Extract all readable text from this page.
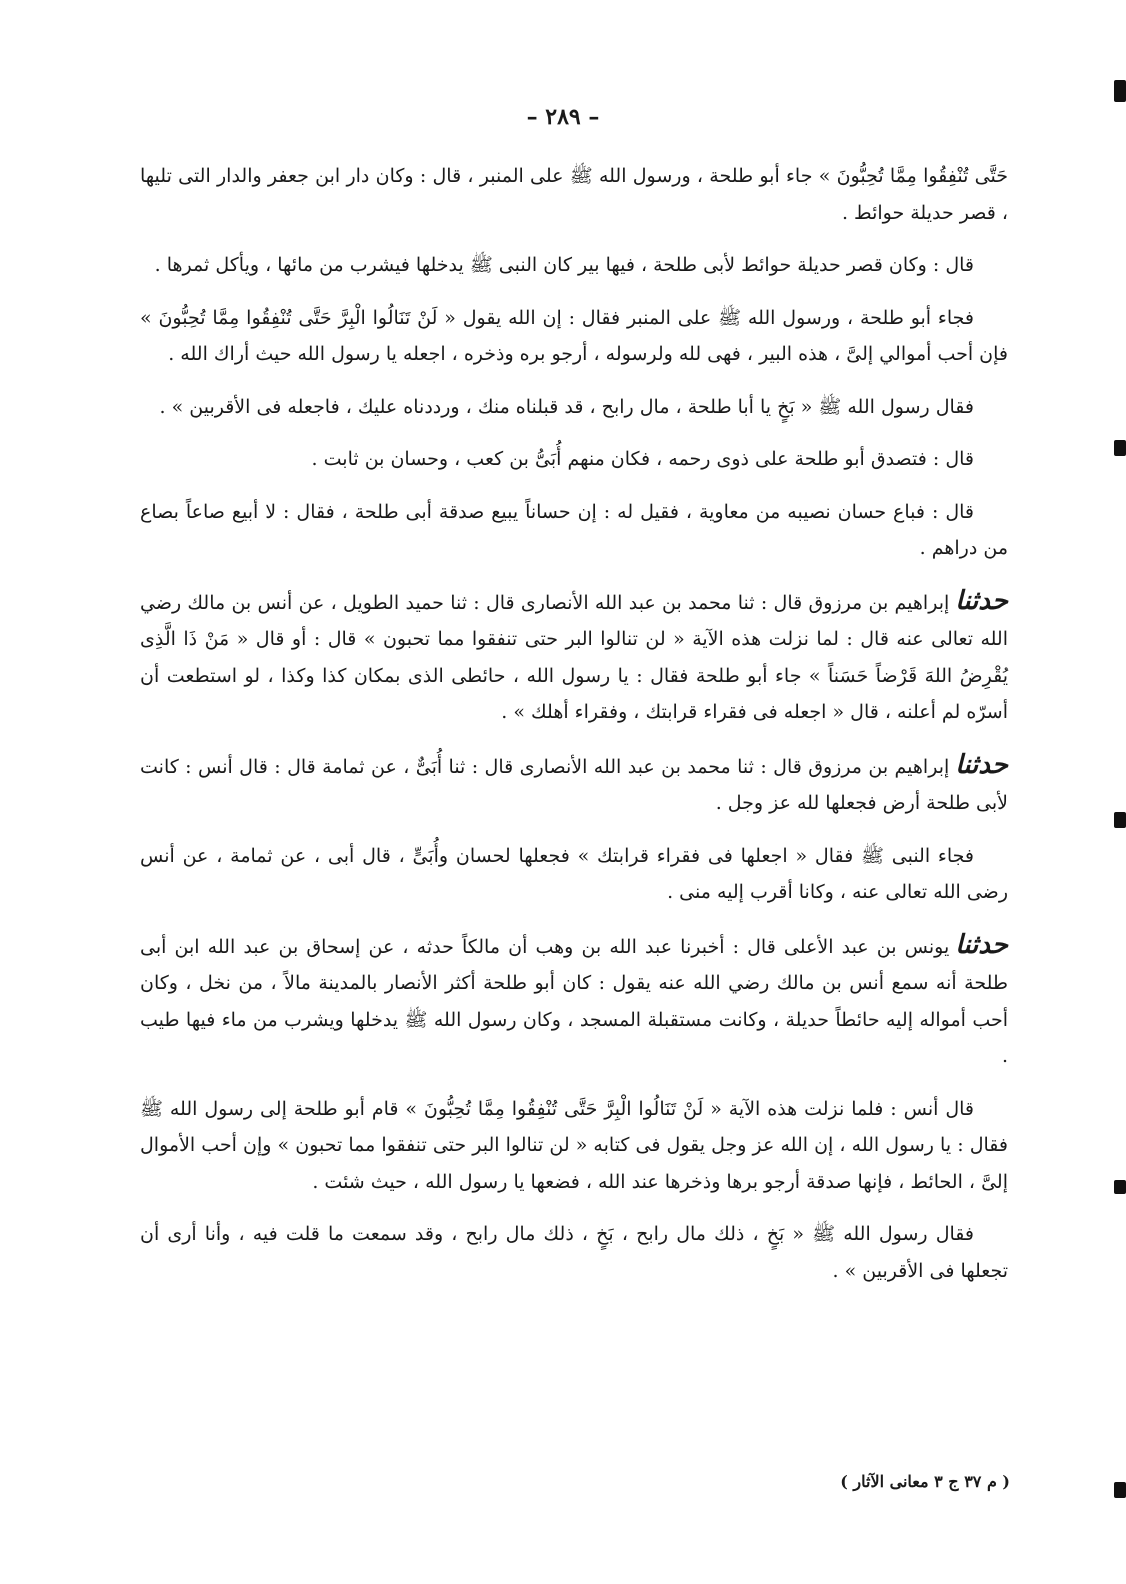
– ٢٨٩ –

حَتَّى تُنْفِقُوا مِمَّا تُحِبُّونَ » جاء أبو طلحة ، ورسول الله ﷺ على المنبر ، قال : وكان دار ابن جعفر والدار التى تليها ، قصر حديلة حوائط .

قال : وكان قصر حديلة حوائط لأبى طلحة ، فيها بير كان النبى ﷺ يدخلها فيشرب من مائها ، ويأكل ثمرها .

فجاء أبو طلحة ، ورسول الله ﷺ على المنبر فقال : إن الله يقول « لَنْ تَنَالُوا الْبِرَّ حَتَّى تُنْفِقُوا مِمَّا تُحِبُّونَ » فإن أحب أموالي إلىَّ ، هذه البير ، فهى لله ولرسوله ، أرجو بره وذخره ، اجعله يا رسول الله حيث أراك الله .

فقال رسول الله ﷺ « بَخٍ يا أبا طلحة ، مال رابح ، قد قبلناه منك ، ورددناه عليك ، فاجعله فى الأقربين » .

قال : فتصدق أبو طلحة على ذوى رحمه ، فكان منهم أُبَىُّ بن كعب ، وحسان بن ثابت .

قال : فباع حسان نصيبه من معاوية ، فقيل له : إن حساناً يبيع صدقة أبى طلحة ، فقال : لا أبيع صاعاً بصاع من دراهم .

حدثناإبراهيم بن مرزوق قال : ثنا محمد بن عبد الله الأنصارى قال : ثنا حميد الطويل ، عن أنس بن مالك رضي الله تعالى عنه قال : لما نزلت هذه الآية « لن تنالوا البر حتى تنفقوا مما تحبون » قال : أو قال « مَنْ ذَا الَّذِى يُقْرِضُ اللهَ قَرْضاً حَسَناً » جاء أبو طلحة فقال : يا رسول الله ، حائطى الذى بمكان كذا وكذا ، لو استطعت أن أسرّه لم أعلنه ، قال « اجعله فى فقراء قرابتك ، وفقراء أهلك » .

حدثناإبراهيم بن مرزوق قال : ثنا محمد بن عبد الله الأنصارى قال : ثنا أُبَىٌّ ، عن ثمامة قال : قال أنس : كانت لأبى طلحة أرض فجعلها لله عز وجل .

فجاء النبى ﷺ فقال « اجعلها فى فقراء قرابتك » فجعلها لحسان وأُبَىٍّ ، قال أبى ، عن ثمامة ، عن أنس رضى الله تعالى عنه ، وكانا أقرب إليه منى .

حدثنايونس بن عبد الأعلى قال : أخبرنا عبد الله بن وهب أن مالكاً حدثه ، عن إسحاق بن عبد الله ابن أبى طلحة أنه سمع أنس بن مالك رضي الله عنه يقول : كان أبو طلحة أكثر الأنصار بالمدينة مالاً ، من نخل ، وكان أحب أمواله إليه حائطاً حديلة ، وكانت مستقبلة المسجد ، وكان رسول الله ﷺ يدخلها ويشرب من ماء فيها طيب .

قال أنس : فلما نزلت هذه الآية « لَنْ تَنَالُوا الْبِرَّ حَتَّى تُنْفِقُوا مِمَّا تُحِبُّونَ » قام أبو طلحة إلى رسول الله ﷺ فقال : يا رسول الله ، إن الله عز وجل يقول فى كتابه « لن تنالوا البر حتى تنفقوا مما تحبون » وإن أحب الأموال إلىَّ ، الحائط ، فإنها صدقة أرجو برها وذخرها عند الله ، فضعها يا رسول الله ، حيث شئت .

فقال رسول الله ﷺ « بَخٍ ، ذلك مال رابح ، بَخٍ ، ذلك مال رابح ، وقد سمعت ما قلت فيه ، وأنا أرى أن تجعلها فى الأقربين » .

( م ٣٧ ج ٣ معانى الآثار )
